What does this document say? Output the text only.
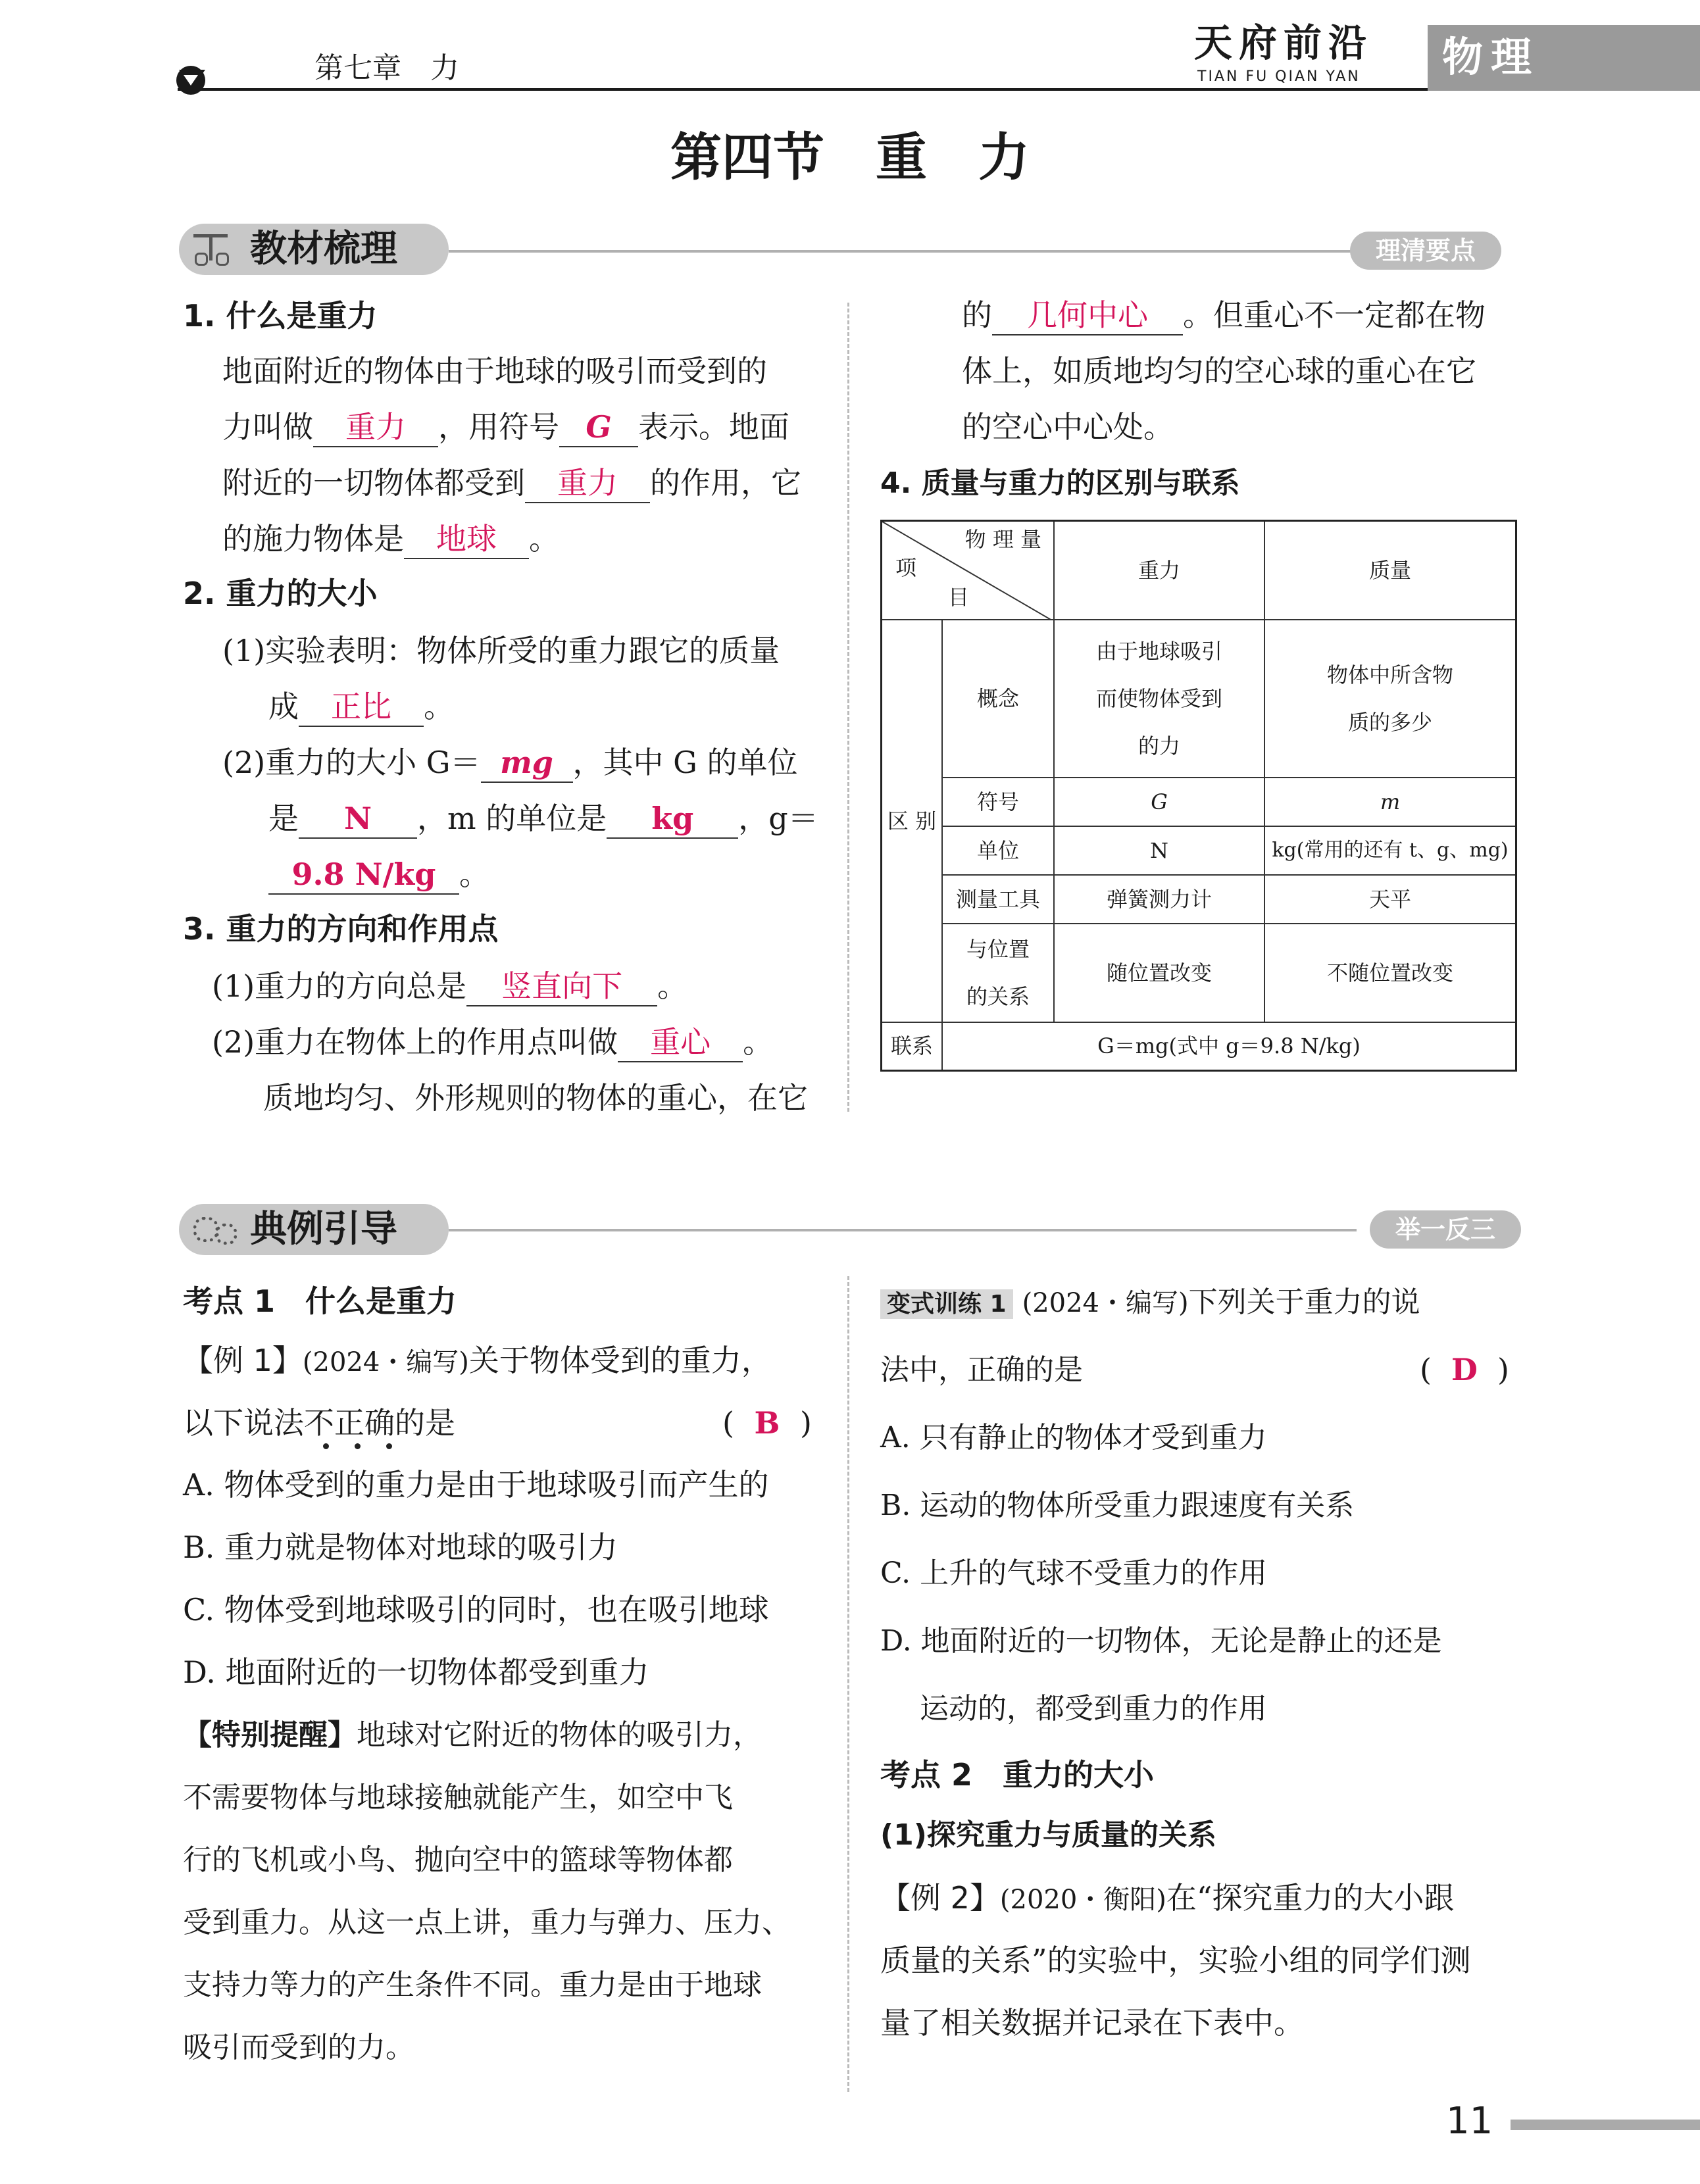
第七章　力
天府前沿
TIAN FU QIAN YAN 物理
第四节　重　力
教材梳理	理清要点
1. 什么是重力
地面附近的物体由于地球的吸引而受到的
力叫做 重力 ，用符号 G 表示。地面
附近的一切物体都受到 重力 的作用，它
的施力物体是 地球 。
2. 重力的大小
(1)实验表明：物体所受的重力跟它的质量
成 正比 。
(2)重力的大小 G＝ mg ，其中 G 的单位
是 N ，m 的单位是 kg ，g＝
9.8 N/kg 。
3. 重力的方向和作用点
(1)重力的方向总是 竖直向下 。
(2)重力在物体上的作用点叫做 重心 。
质地均匀、外形规则的物体的重心，在它
的 几何中心 。但重心不一定都在物
体上，如质地均匀的空心球的重心在它
的空心中心处。
4. 质量与重力的区别与联系
物 理 量
项
目		重力	质量
区 别	概念	由于地球吸引而使物体受到的力	物体中所含物质的多少
	符号	G	m
	单位	N	kg(常用的还有 t、g、mg)
	测量工具	弹簧测力计	天平
	与位置的关系	随位置改变	不随位置改变
联系	G＝mg(式中 g＝9.8 N/kg)		
典例引导	举一反三
考点 1　什么是重力
【例 1】(2024・编写)关于物体受到的重力，
以下说法不正确的是	( B )
A. 物体受到的重力是由于地球吸引而产生的
B. 重力就是物体对地球的吸引力
C. 物体受到地球吸引的同时，也在吸引地球
D. 地面附近的一切物体都受到重力
【特别提醒】地球对它附近的物体的吸引力，
不需要物体与地球接触就能产生，如空中飞
行的飞机或小鸟、抛向空中的篮球等物体都
受到重力。从这一点上讲，重力与弹力、压力、
支持力等力的产生条件不同。重力是由于地球
吸引而受到的力。
变式训练 1 (2024・编写)下列关于重力的说
法中，正确的是	( D )
A. 只有静止的物体才受到重力
B. 运动的物体所受重力跟速度有关系
C. 上升的气球不受重力的作用
D. 地面附近的一切物体，无论是静止的还是
运动的，都受到重力的作用
考点 2　重力的大小
(1)探究重力与质量的关系
【例 2】(2020・衡阳)在“探究重力的大小跟
质量的关系”的实验中，实验小组的同学们测
量了相关数据并记录在下表中。
11
